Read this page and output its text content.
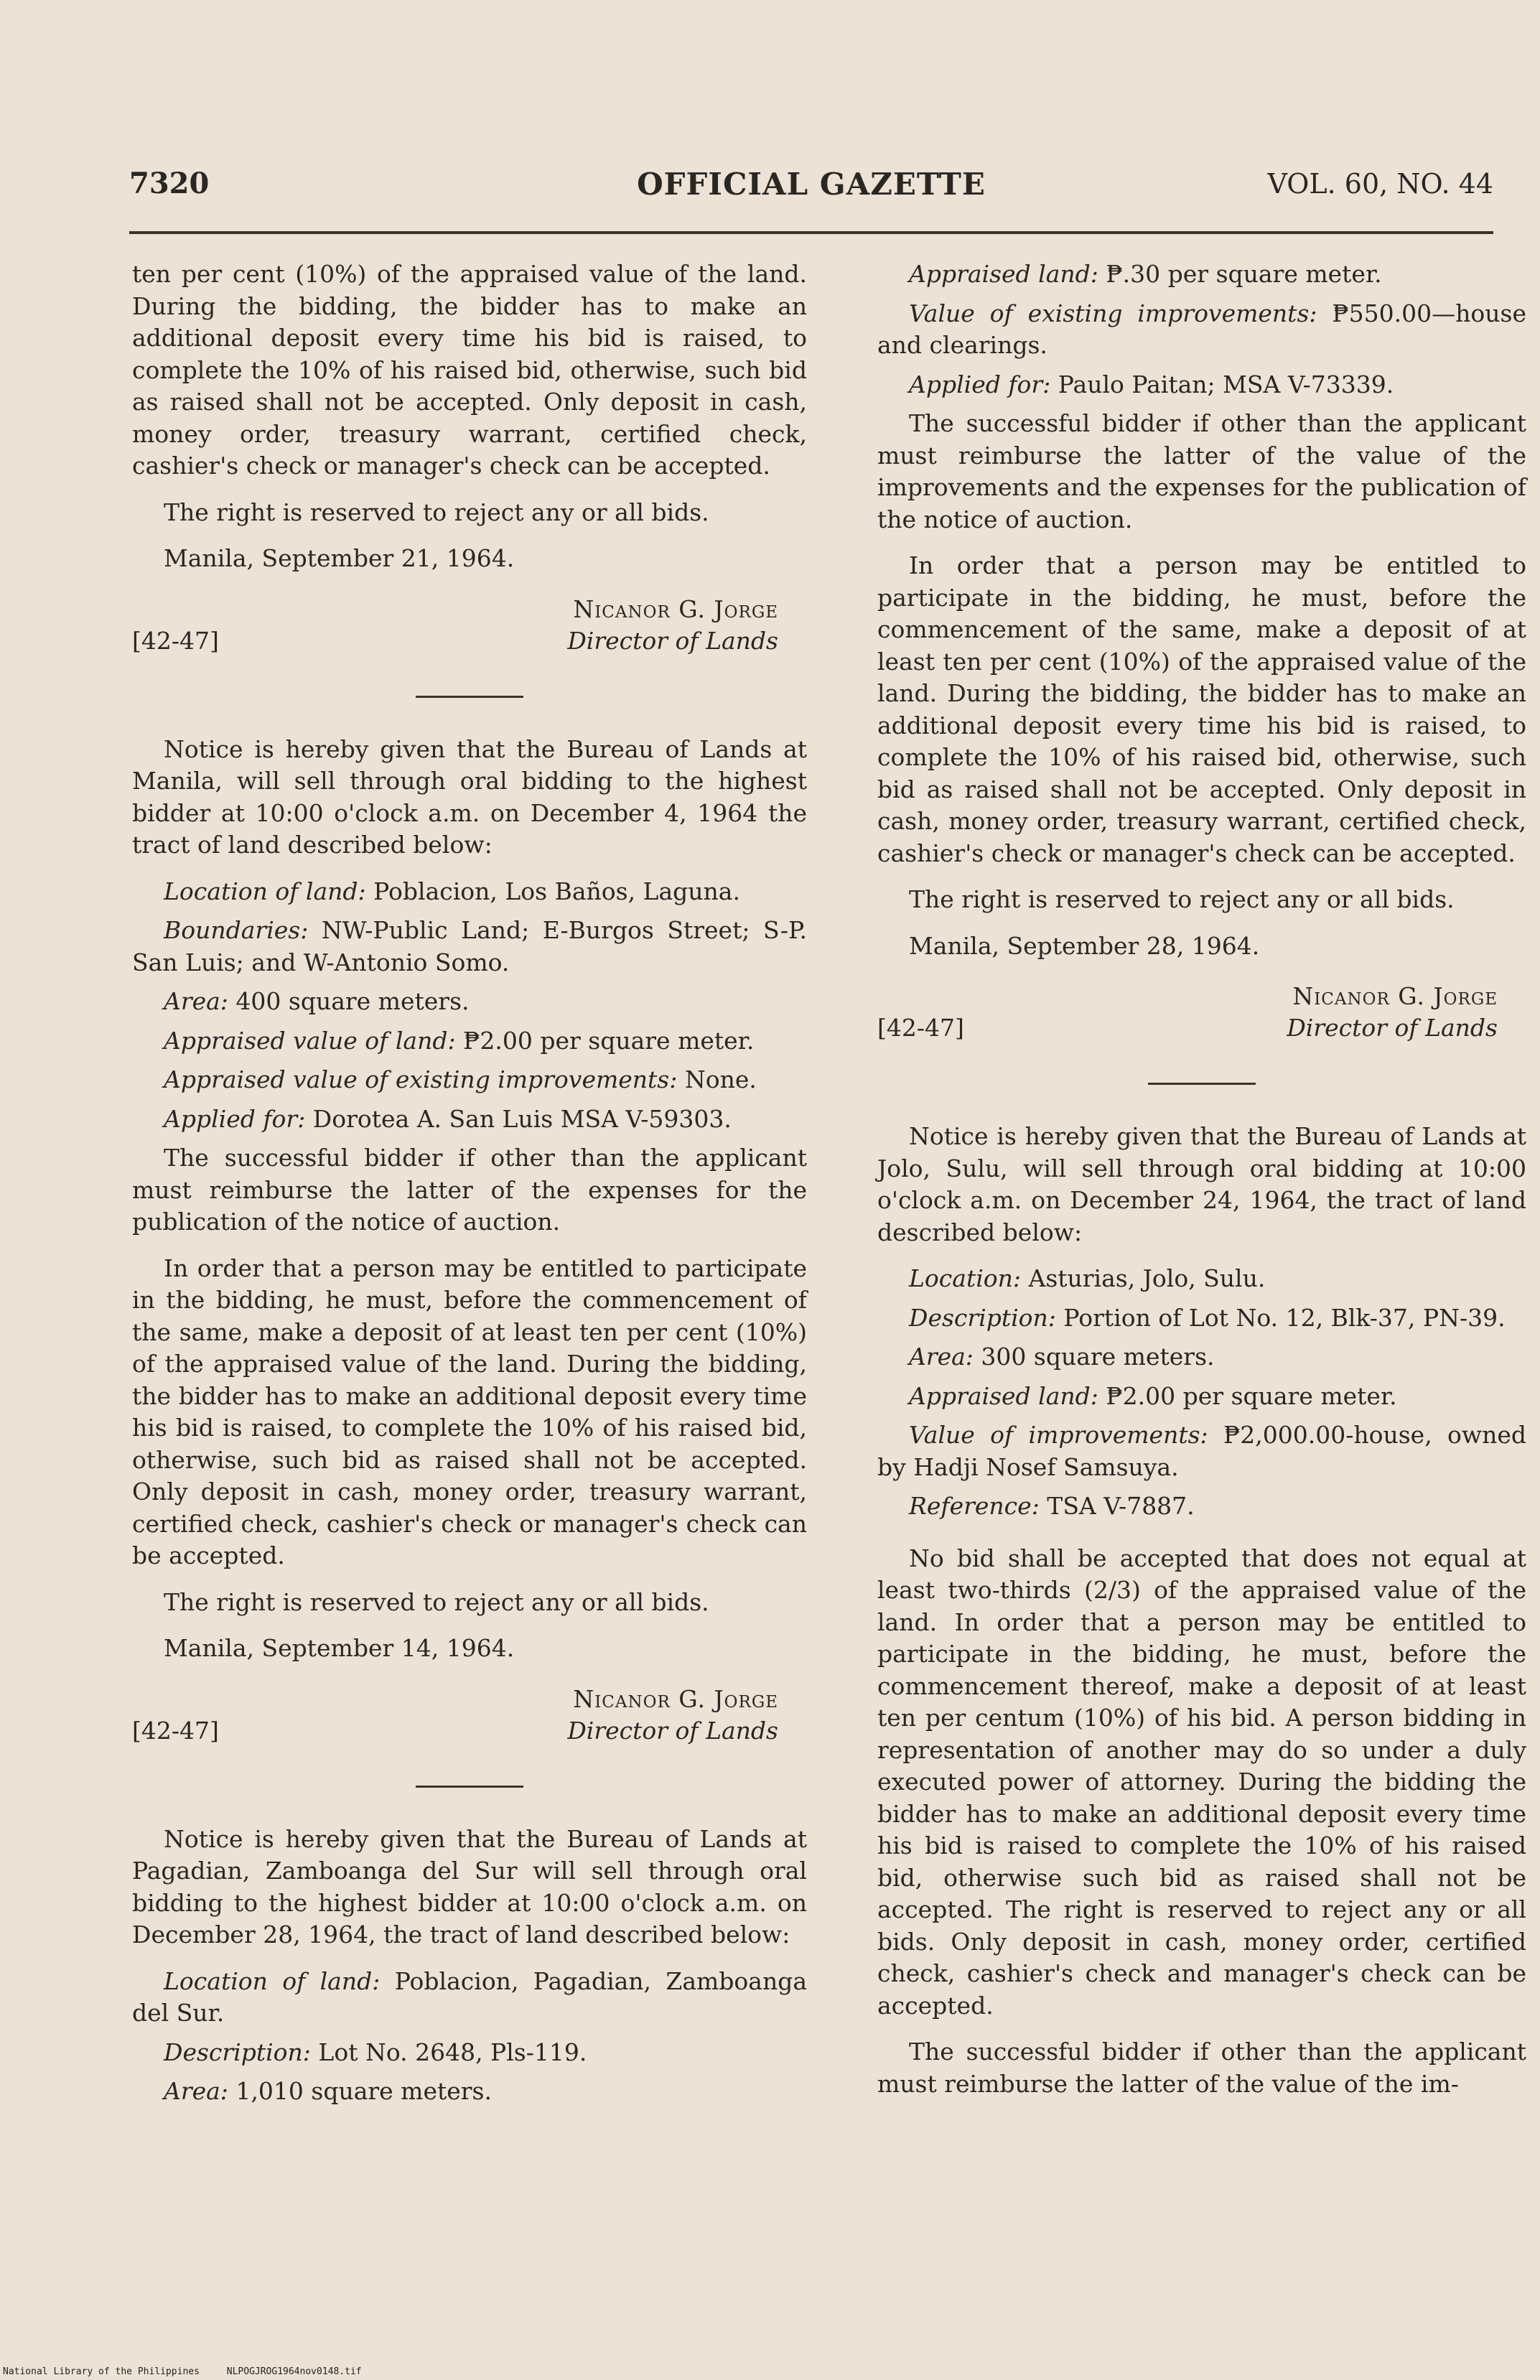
7320	OFFICIAL GAZETTE	VOL. 60, NO. 44

ten per cent (10%) of the appraised value of the land. During the bidding, the bidder has to make an additional deposit every time his bid is raised, to complete the 10% of his raised bid, otherwise, such bid as raised shall not be accepted. Only deposit in cash, money order, treasury warrant, certified check, cashier's check or manager's check can be accepted.

The right is reserved to reject any or all bids.

Manila, September 21, 1964.

Nicanor G. Jorge
[42-47]	Director of Lands

Notice is hereby given that the Bureau of Lands at Manila, will sell through oral bidding to the highest bidder at 10:00 o'clock a.m. on December 4, 1964 the tract of land described below:

Location of land: Poblacion, Los Baños, Laguna.

Boundaries: NW-Public Land; E-Burgos Street; S-P. San Luis; and W-Antonio Somo.

Area: 400 square meters.

Appraised value of land: ₱2.00 per square meter.

Appraised value of existing improvements: None.

Applied for: Dorotea A. San Luis MSA V-59303.

The successful bidder if other than the applicant must reimburse the latter of the expenses for the publication of the notice of auction.

In order that a person may be entitled to participate in the bidding, he must, before the commencement of the same, make a deposit of at least ten per cent (10%) of the appraised value of the land. During the bidding, the bidder has to make an additional deposit every time his bid is raised, to complete the 10% of his raised bid, otherwise, such bid as raised shall not be accepted. Only deposit in cash, money order, treasury warrant, certified check, cashier's check or manager's check can be accepted.

The right is reserved to reject any or all bids.

Manila, September 14, 1964.

Nicanor G. Jorge
[42-47]	Director of Lands

Notice is hereby given that the Bureau of Lands at Pagadian, Zamboanga del Sur will sell through oral bidding to the highest bidder at 10:00 o'clock a.m. on December 28, 1964, the tract of land described below:

Location of land: Poblacion, Pagadian, Zamboanga del Sur.

Description: Lot No. 2648, Pls-119.

Area: 1,010 square meters.

Appraised land: ₱.30 per square meter.

Value of existing improvements: ₱550.00—house and clearings.

Applied for: Paulo Paitan; MSA V-73339.

The successful bidder if other than the applicant must reimburse the latter of the value of the improvements and the expenses for the publication of the notice of auction.

In order that a person may be entitled to participate in the bidding, he must, before the commencement of the same, make a deposit of at least ten per cent (10%) of the appraised value of the land. During the bidding, the bidder has to make an additional deposit every time his bid is raised, to complete the 10% of his raised bid, otherwise, such bid as raised shall not be accepted. Only deposit in cash, money order, treasury warrant, certified check, cashier's check or manager's check can be accepted.

The right is reserved to reject any or all bids.

Manila, September 28, 1964.

Nicanor G. Jorge
[42-47]	Director of Lands

Notice is hereby given that the Bureau of Lands at Jolo, Sulu, will sell through oral bidding at 10:00 o'clock a.m. on December 24, 1964, the tract of land described below:

Location: Asturias, Jolo, Sulu.

Description: Portion of Lot No. 12, Blk-37, PN-39.

Area: 300 square meters.

Appraised land: ₱2.00 per square meter.

Value of improvements: ₱2,000.00-house, owned by Hadji Nosef Samsuya.

Reference: TSA V-7887.

No bid shall be accepted that does not equal at least two-thirds (2/3) of the appraised value of the land. In order that a person may be entitled to participate in the bidding, he must, before the commencement thereof, make a deposit of at least ten per centum (10%) of his bid. A person bidding in representation of another may do so under a duly executed power of attorney. During the bidding the bidder has to make an additional deposit every time his bid is raised to complete the 10% of his raised bid, otherwise such bid as raised shall not be accepted. The right is reserved to reject any or all bids. Only deposit in cash, money order, certified check, cashier's check and manager's check can be accepted.

The successful bidder if other than the applicant must reimburse the latter of the value of the im-

National Library of the Philippines	NLPOGJROG1964nov0148.tif
